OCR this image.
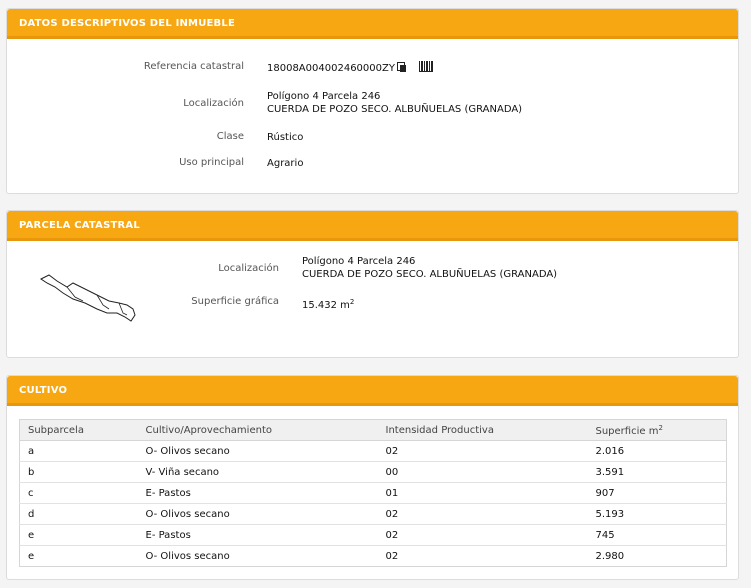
DATOS DESCRIPTIVOS DEL INMUEBLE
Referencia catastral 18008A004002460000ZY
Localización
Polígono 4 Parcela 246
CUERDA DE POZO SECO. ALBUÑUELAS (GRANADA)
Clase Rústico
Uso principal Agrario
PARCELA CATASTRAL
Localización
Polígono 4 Parcela 246
CUERDA DE POZO SECO. ALBUÑUELAS (GRANADA)
Superficie gráfica 15.432 $m^2$
CULTIVO
Subparcela	Cultivo/Aprovechamiento	Intensidad Productiva	Superficie $m^2$
a	O- Olivos secano	02	2.016
b	V- Viña secano	00	3.591
c	E- Pastos	01	907
d	O- Olivos secano	02	5.193
e	E- Pastos	02	745
e	O- Olivos secano	02	2.980
